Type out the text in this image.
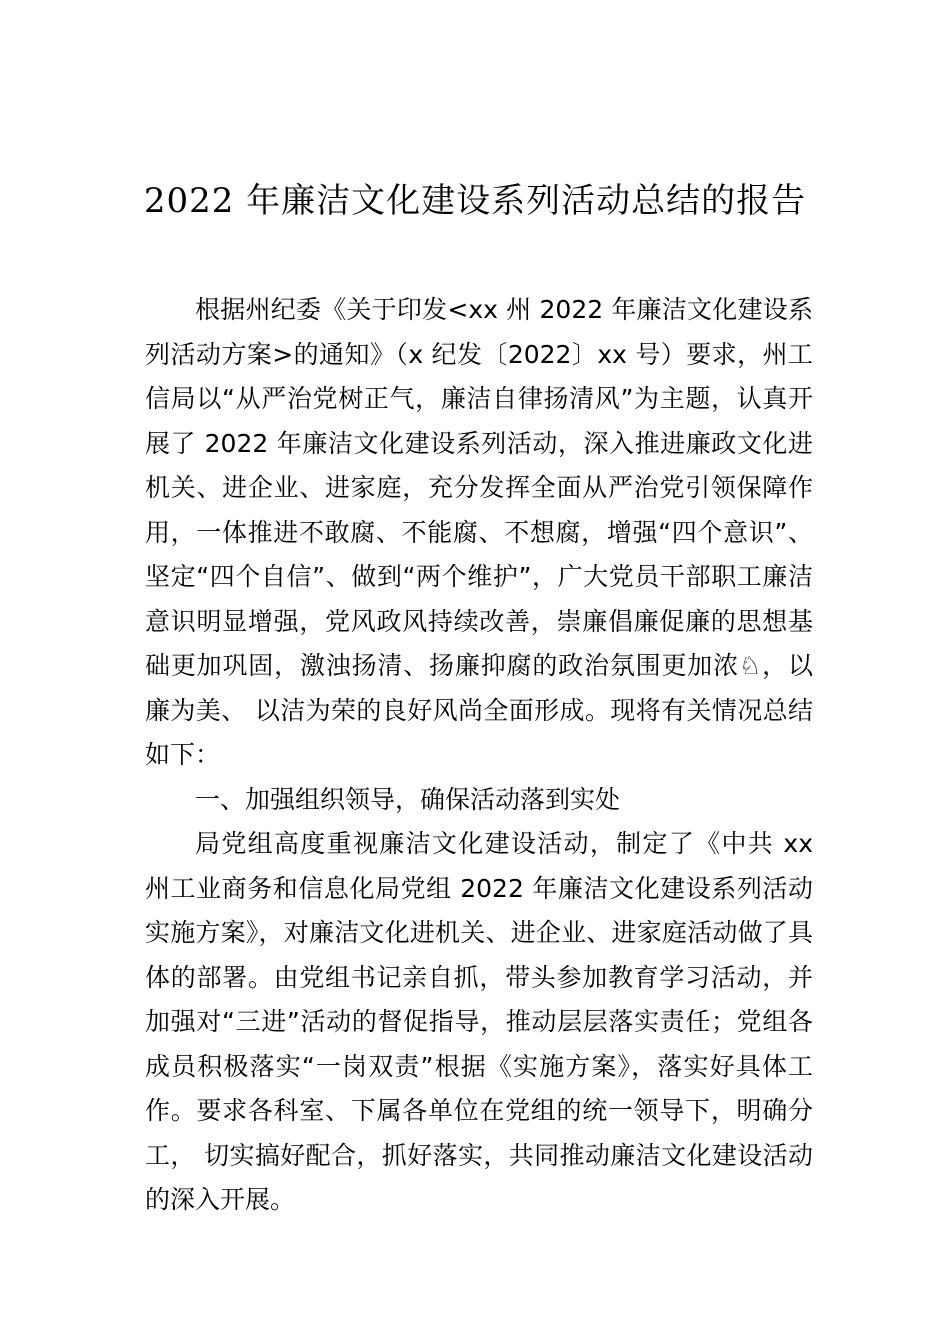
2022 年廉洁文化建设系列活动总结的报告

根据州纪委《关于印发<xx 州 2022 年廉洁文化建设系列活动方案>的通知》（x 纪发〔2022〕xx 号）要求，州工信局以“从严治党树正气，廉洁自律扬清风”为主题，认真开展了 2022 年廉洁文化建设系列活动，深入推进廉政文化进机关、进企业、进家庭，充分发挥全面从严治党引领保障作用，一体推进不敢腐、不能腐、不想腐，增强“四个意识”、坚定“四个自信”、做到“两个维护”，广大党员干部职工廉洁意识明显增强，党风政风持续改善，崇廉倡廉促廉的思想基础更加巩固，激浊扬清、扬廉抑腐的政治氛围更加浓♘，以廉为美、 以洁为荣的良好风尚全面形成。现将有关情况总结如下：

一、加强组织领导，确保活动落到实处

局党组高度重视廉洁文化建设活动，制定了《中共 xx 州工业商务和信息化局党组 2022 年廉洁文化建设系列活动实施方案》，对廉洁文化进机关、进企业、进家庭活动做了具体的部署。由党组书记亲自抓，带头参加教育学习活动，并加强对“三进”活动的督促指导，推动层层落实责任；党组各成员积极落实“一岗双责”根据《实施方案》，落实好具体工作。要求各科室、下属各单位在党组的统一领导下，明确分工， 切实搞好配合，抓好落实，共同推动廉洁文化建设活动的深入开展。
